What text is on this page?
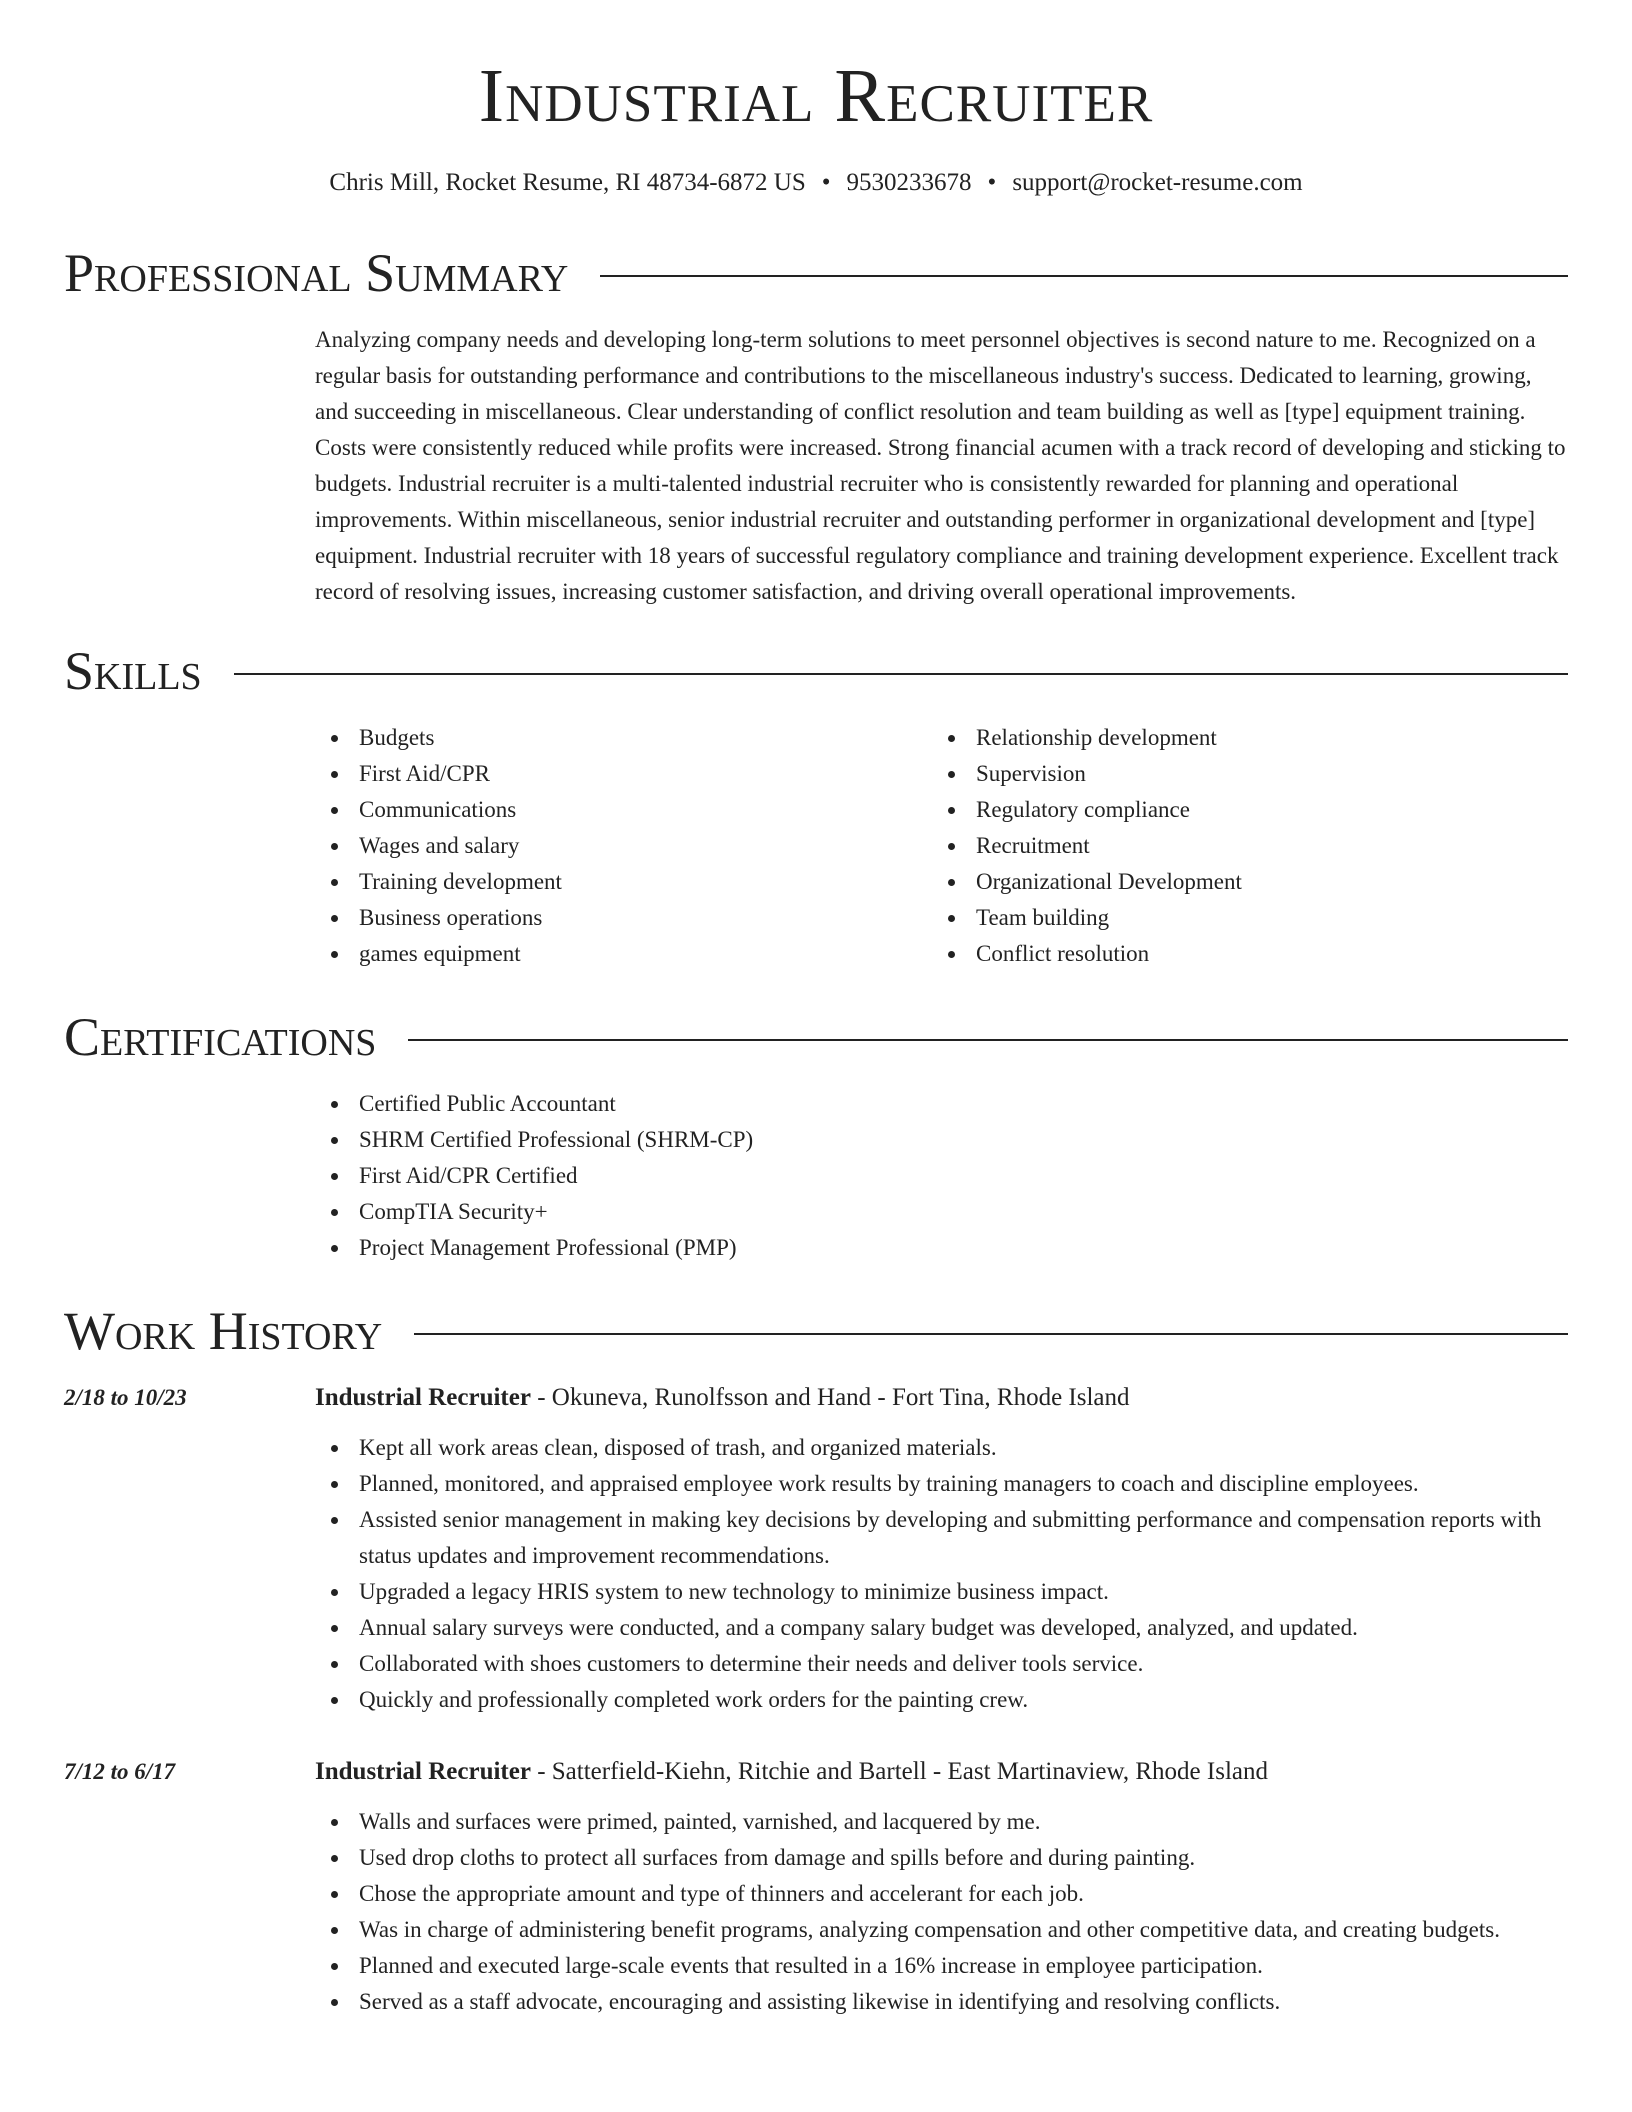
Industrial Recruiter
Chris Mill, Rocket Resume, RI 48734-6872 US • 9530233678 • support@rocket-resume.com
Professional Summary

Analyzing company needs and developing long-term solutions to meet personnel objectives is second nature to me. Recognized on a regular basis for outstanding performance and contributions to the miscellaneous industry's success. Dedicated to learning, growing, and succeeding in miscellaneous. Clear understanding of conflict resolution and team building as well as [type] equipment training. Costs were consistently reduced while profits were increased. Strong financial acumen with a track record of developing and sticking to budgets. Industrial recruiter is a multi-talented industrial recruiter who is consistently rewarded for planning and operational improvements. Within miscellaneous, senior industrial recruiter and outstanding performer in organizational development and [type] equipment. Industrial recruiter with 18 years of successful regulatory compliance and training development experience. Excellent track record of resolving issues, increasing customer satisfaction, and driving overall operational improvements.

Skills
Budgets
First Aid/CPR
Communications
Wages and salary
Training development
Business operations
games equipment
Relationship development
Supervision
Regulatory compliance
Recruitment
Organizational Development
Team building
Conflict resolution
Certifications
Certified Public Accountant
SHRM Certified Professional (SHRM-CP)
First Aid/CPR Certified
CompTIA Security+
Project Management Professional (PMP)
Work History
2/18 to 10/23	Industrial Recruiter - Okuneva, Runolfsson and Hand - Fort Tina, Rhode Island
Kept all work areas clean, disposed of trash, and organized materials.
Planned, monitored, and appraised employee work results by training managers to coach and discipline employees.
Assisted senior management in making key decisions by developing and submitting performance and compensation reports with status updates and improvement recommendations.
Upgraded a legacy HRIS system to new technology to minimize business impact.
Annual salary surveys were conducted, and a company salary budget was developed, analyzed, and updated.
Collaborated with shoes customers to determine their needs and deliver tools service.
Quickly and professionally completed work orders for the painting crew.
7/12 to 6/17	Industrial Recruiter - Satterfield-Kiehn, Ritchie and Bartell - East Martinaview, Rhode Island
Walls and surfaces were primed, painted, varnished, and lacquered by me.
Used drop cloths to protect all surfaces from damage and spills before and during painting.
Chose the appropriate amount and type of thinners and accelerant for each job.
Was in charge of administering benefit programs, analyzing compensation and other competitive data, and creating budgets.
Planned and executed large-scale events that resulted in a 16% increase in employee participation.
Served as a staff advocate, encouraging and assisting likewise in identifying and resolving conflicts.
